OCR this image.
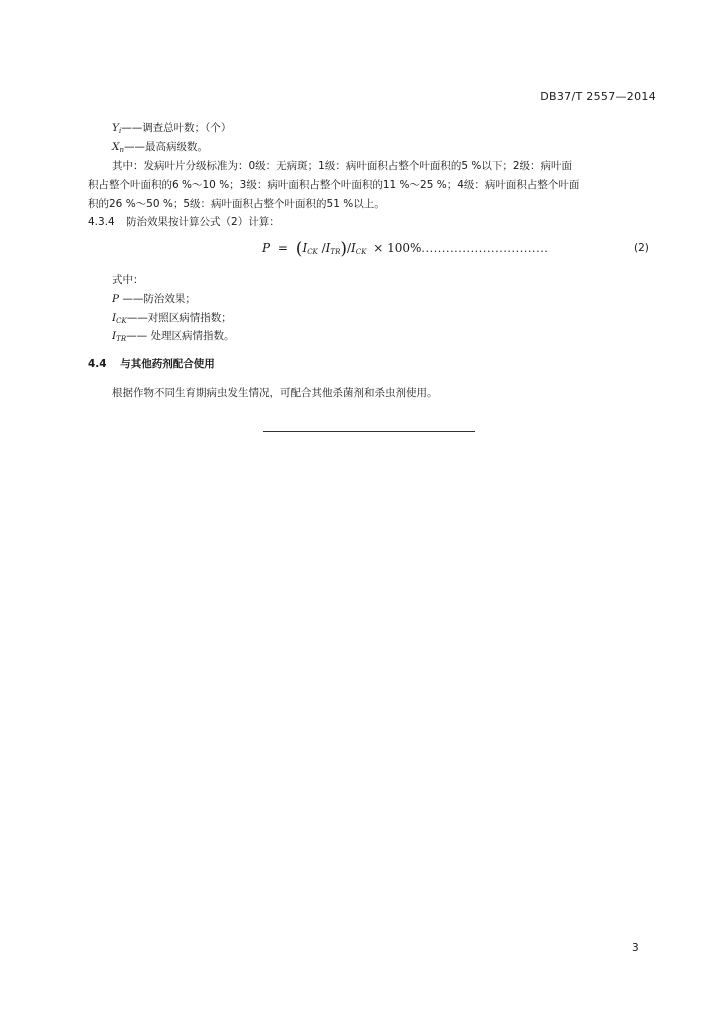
DB37/T 2557—2014
$Y_i——$调查总叶数；（个）
$X_n——$最高病级数。
其中：发病叶片分级标准为：0级：无病斑；1级：病叶面积占整个叶面积的5 %以下；2级：病叶面
积占整个叶面积的6 %～10 %；3级：病叶面积占整个叶面积的11 %～25 %；4级：病叶面积占整个叶面
积的26 %～50 %；5级：病叶面积占整个叶面积的51 %以上。
4.3.4 防治效果按计算公式（2）计算：
$P = (I_{CK}$ $/I_{TR})/I_{CK} \times 100\%$...............................	(2)
式中：
P ——防治效果；
$I_{CK}——$对照区病情指数；
$I_{TR}——$ 处理区病情指数。
4.4 与其他药剂配合使用
根据作物不同生育期病虫发生情况，可配合其他杀菌剂和杀虫剂使用。
3
